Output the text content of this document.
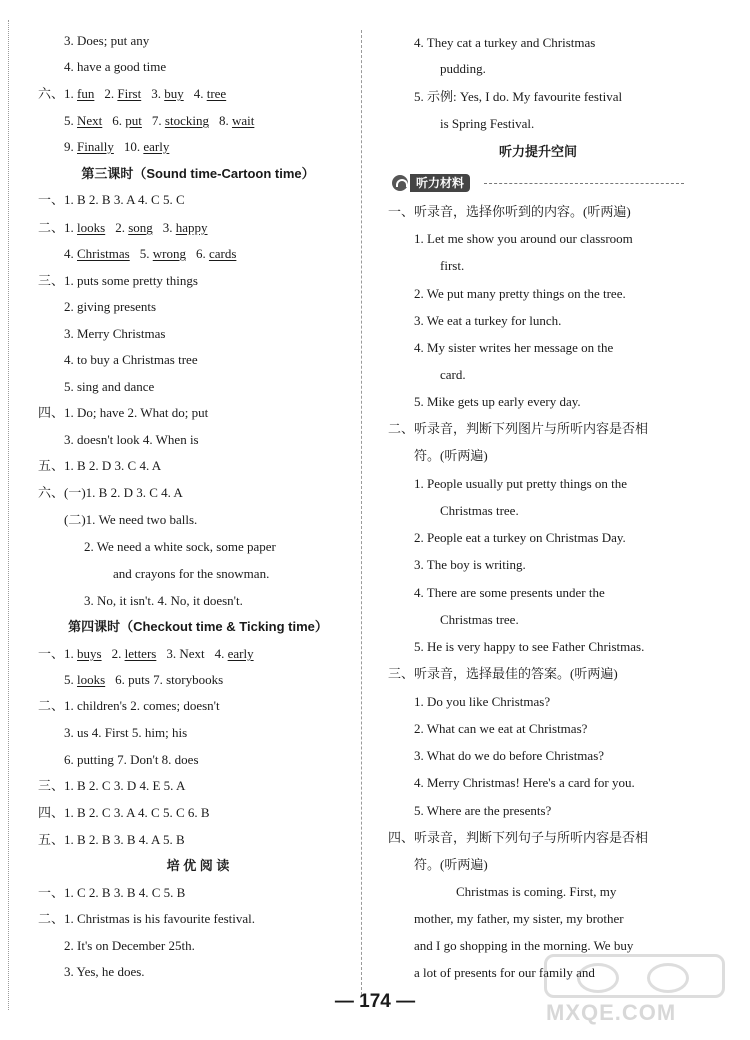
3. Does; put any
4. have a good time
六、1. fun 2. First 3. buy 4. tree
5. Next 6. put 7. stocking 8. wait
9. Finally 10. early
第三课时（Sound time-Cartoon time）
一、1. B 2. B 3. A 4. C 5. C
二、1. looks 2. song 3. happy
4. Christmas 5. wrong 6. cards
三、1. puts some pretty things
2. giving presents
3. Merry Christmas
4. to buy a Christmas tree
5. sing and dance
四、1. Do; have 2. What do; put
3. doesn't look 4. When is
五、1. B 2. D 3. C 4. A
六、(一)1. B 2. D 3. C 4. A
(二)1. We need two balls.
2. We need a white sock, some paper
and crayons for the snowman.
3. No, it isn't. 4. No, it doesn't.
第四课时（Checkout time & Ticking time）
一、1. buys 2. letters 3. Next 4. early
5. looks 6. puts 7. storybooks
二、1. children's 2. comes; doesn't
3. us 4. First 5. him; his
6. putting 7. Don't 8. does
三、1. B 2. C 3. D 4. E 5. A
四、1. B 2. C 3. A 4. C 5. C 6. B
五、1. B 2. B 3. B 4. A 5. B
培 优 阅 读
一、1. C 2. B 3. B 4. C 5. B
二、1. Christmas is his favourite festival.
2. It's on December 25th.
3. Yes, he does.
4. They cat a turkey and Christmas
pudding.
5. 示例: Yes, I do. My favourite festival
is Spring Festival.
听力提升空间
听力材料
一、听录音，选择你听到的内容。(听两遍)
1. Let me show you around our classroom
first.
2. We put many pretty things on the tree.
3. We eat a turkey for lunch.
4. My sister writes her message on the
card.
5. Mike gets up early every day.
二、听录音，判断下列图片与所听内容是否相
符。(听两遍)
1. People usually put pretty things on the
Christmas tree.
2. People eat a turkey on Christmas Day.
3. The boy is writing.
4. There are some presents under the
Christmas tree.
5. He is very happy to see Father Christmas.
三、听录音，选择最佳的答案。(听两遍)
1. Do you like Christmas?
2. What can we eat at Christmas?
3. What do we do before Christmas?
4. Merry Christmas! Here's a card for you.
5. Where are the presents?
四、听录音，判断下列句子与所听内容是否相
符。(听两遍)
Christmas is coming. First, my
mother, my father, my sister, my brother
and I go shopping in the morning. We buy
a lot of presents for our family and
— 174 —	MXQE.COM
